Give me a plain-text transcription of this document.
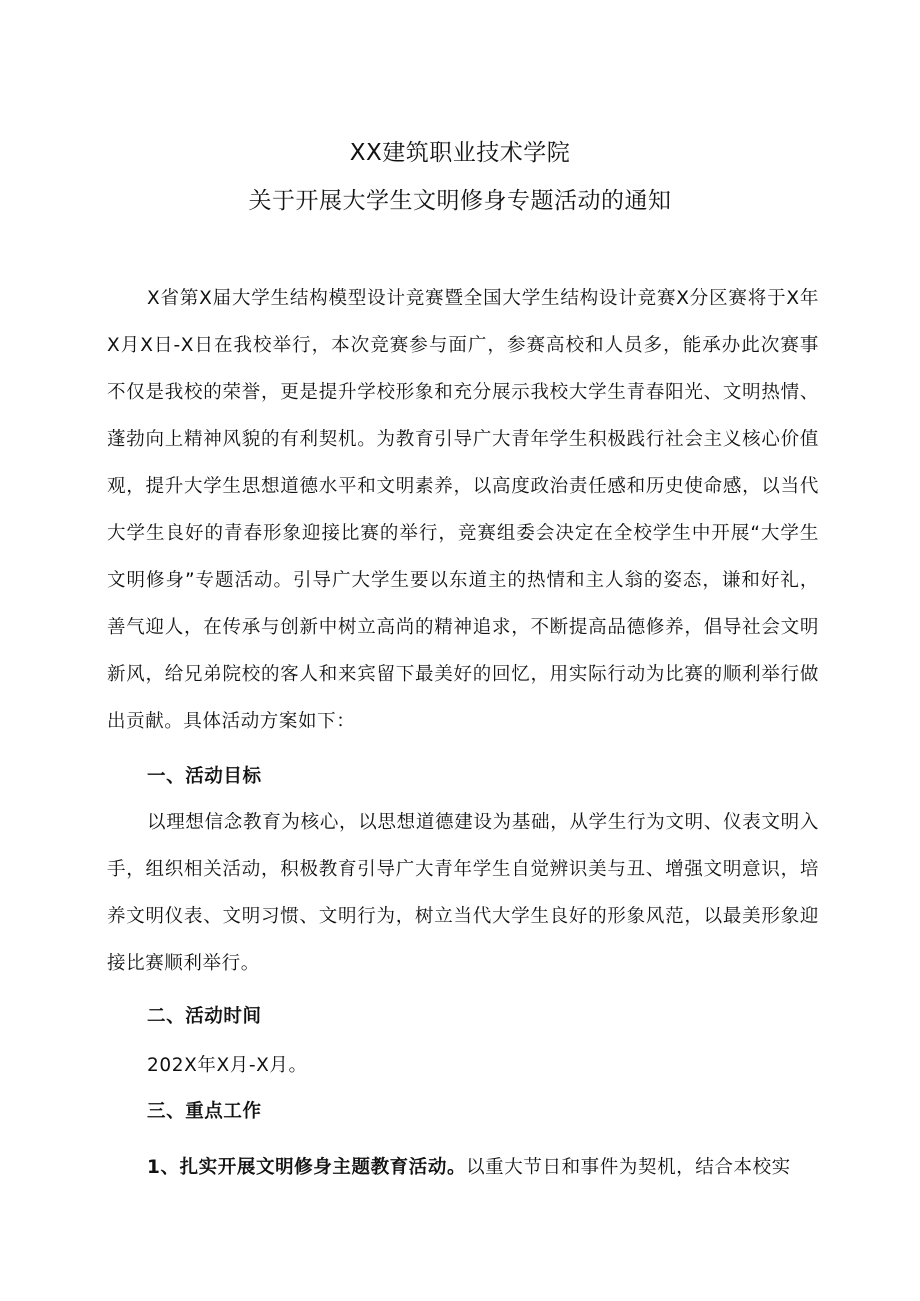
XX建筑职业技术学院
关于开展大学生文明修身专题活动的通知

X省第X届大学生结构模型设计竞赛暨全国大学生结构设计竞赛X分区赛将于X年X月X日-X日在我校举行，本次竞赛参与面广，参赛高校和人员多，能承办此次赛事不仅是我校的荣誉，更是提升学校形象和充分展示我校大学生青春阳光、文明热情、蓬勃向上精神风貌的有利契机。为教育引导广大青年学生积极践行社会主义核心价值观，提升大学生思想道德水平和文明素养，以高度政治责任感和历史使命感，以当代大学生良好的青春形象迎接比赛的举行，竞赛组委会决定在全校学生中开展“大学生文明修身”专题活动。引导广大学生要以东道主的热情和主人翁的姿态，谦和好礼，善气迎人，在传承与创新中树立高尚的精神追求，不断提高品德修养，倡导社会文明新风，给兄弟院校的客人和来宾留下最美好的回忆，用实际行动为比赛的顺利举行做出贡献。具体活动方案如下：

一、活动目标

以理想信念教育为核心，以思想道德建设为基础，从学生行为文明、仪表文明入手，组织相关活动，积极教育引导广大青年学生自觉辨识美与丑、增强文明意识，培养文明仪表、文明习惯、文明行为，树立当代大学生良好的形象风范，以最美形象迎接比赛顺利举行。

二、活动时间

202X年X月-X月。

三、重点工作

1、扎实开展文明修身主题教育活动。以重大节日和事件为契机，结合本校实
